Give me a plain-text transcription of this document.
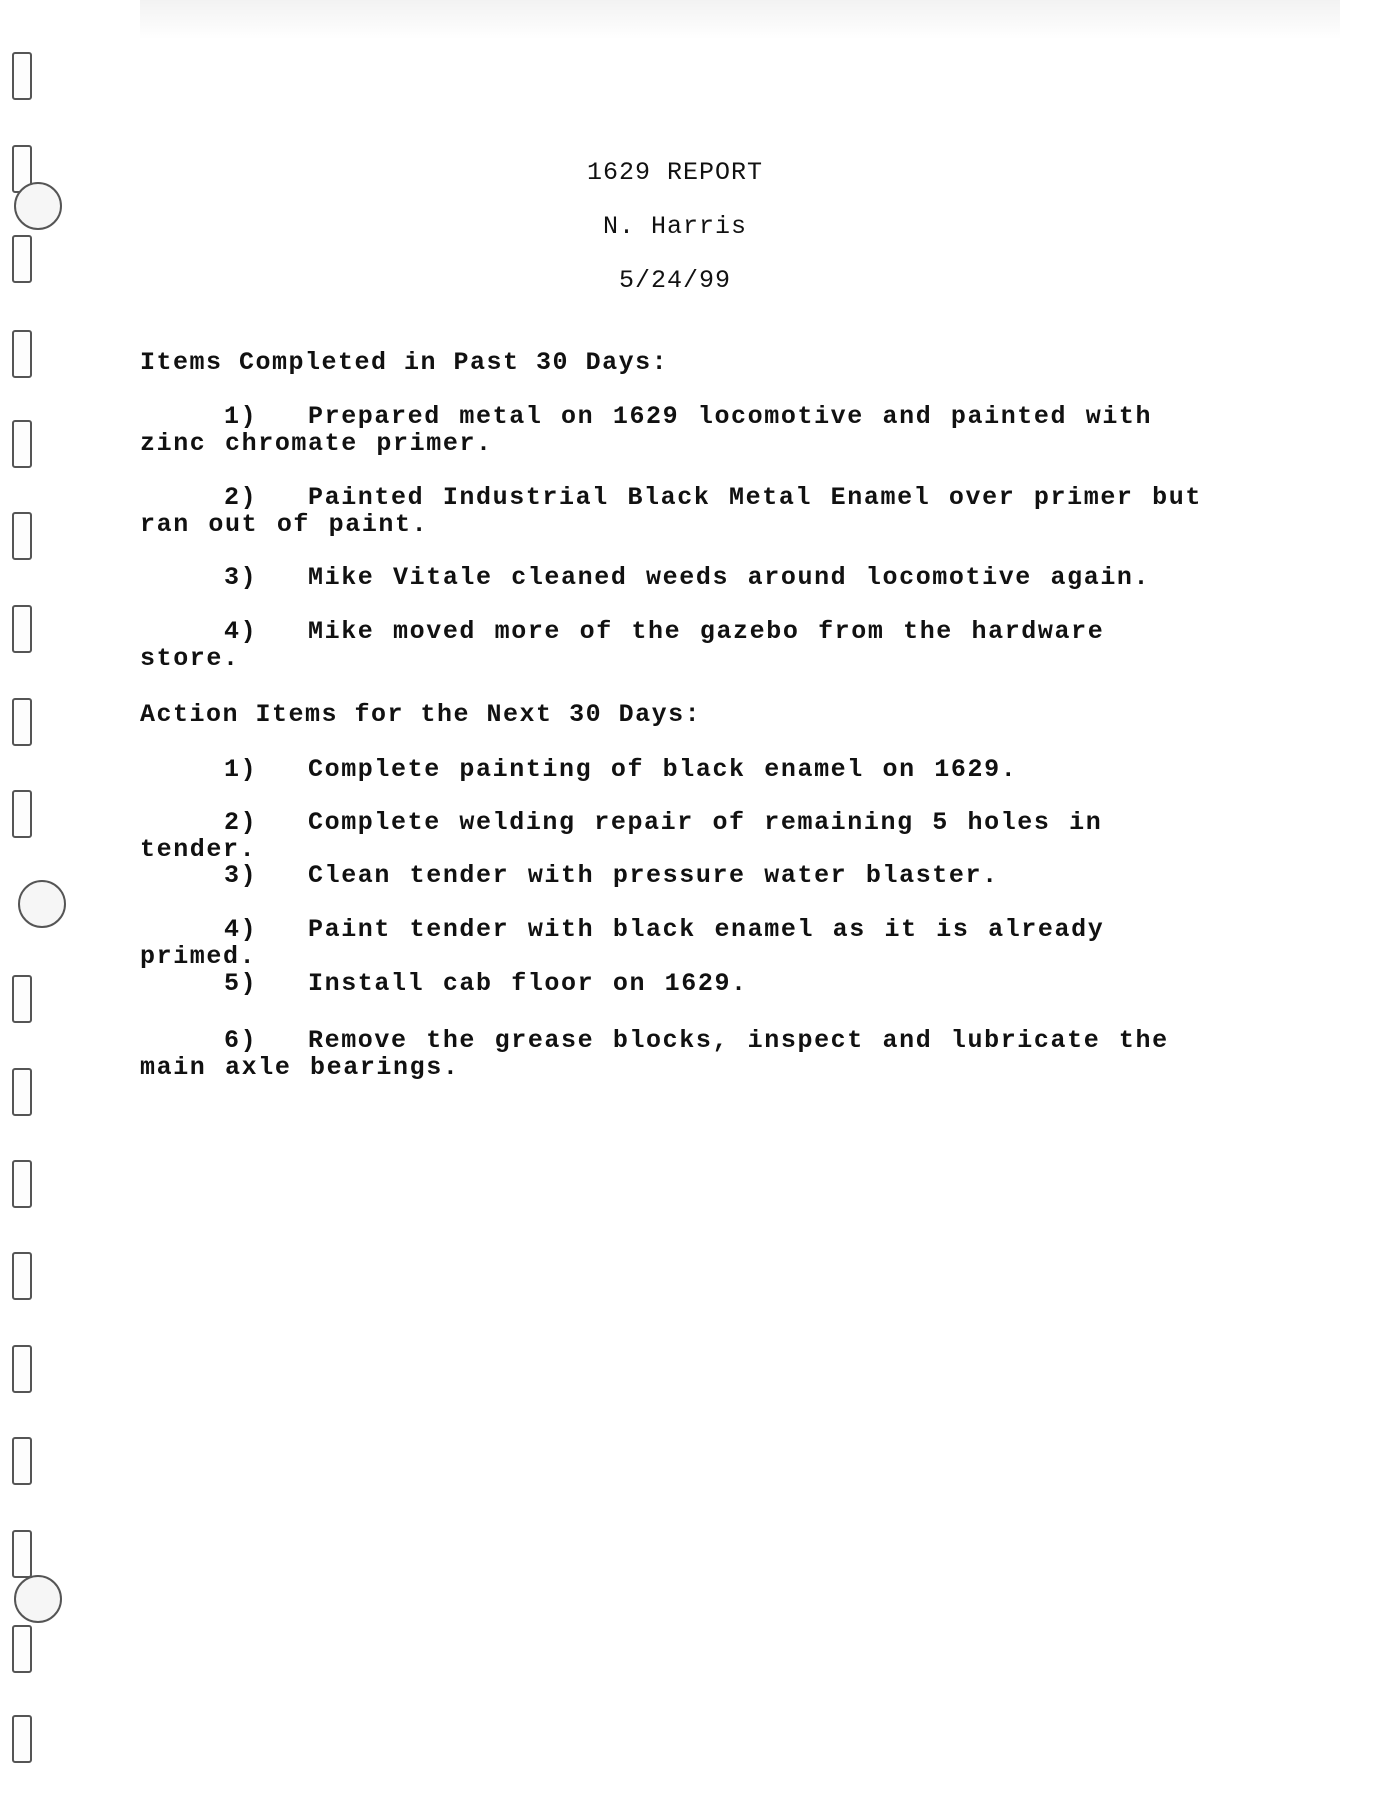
1629 REPORT
N. Harris
5/24/99
Items Completed in Past 30 Days:
1) Prepared metal on 1629 locomotive and painted with zinc chromate primer.
2) Painted Industrial Black Metal Enamel over primer but ran out of paint.
3) Mike Vitale cleaned weeds around locomotive again.
4) Mike moved more of the gazebo from the hardware store.
Action Items for the Next 30 Days:
1) Complete painting of black enamel on 1629.
2) Complete welding repair of remaining 5 holes in tender.
3) Clean tender with pressure water blaster.
4) Paint tender with black enamel as it is already primed.
5) Install cab floor on 1629.
6) Remove the grease blocks, inspect and lubricate the main axle bearings.
